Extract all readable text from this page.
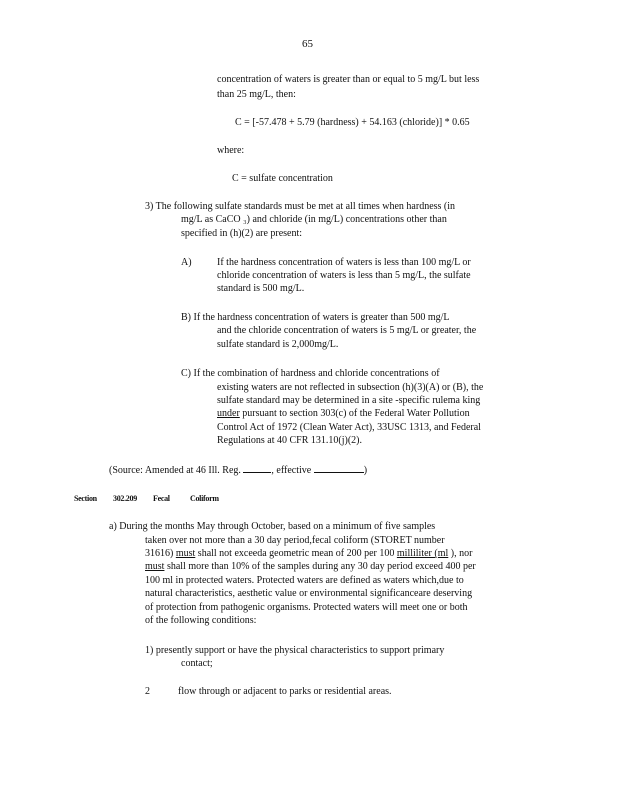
65
concentration of waters is greater than or equal to 5 mg/L but less
than 25 mg/L, then:
C = [-57.478 + 5.79 (hardness) + 54.163 (chloride)] * 0.65
where:
C = sulfate concentration
3) The following sulfate standards must be met at all times when hardness (in
mg/L as CaCO ₃) and chloride (in mg/L) concentrations other than
specified in (h)(2) are present:
A)	If the hardness concentration of waters is less than 100 mg/L or
chloride concentration of waters is less than 5 mg/L, the sulfate
standard is 500 mg/L.
B) If the hardness concentration of waters is greater than 500 mg/L
and the chloride concentration of waters is 5 mg/L or greater, the
sulfate standard is 2,000mg/L.
C) If the combination of hardness and chloride concentrations of
existing waters are not reflected in subsection (h)(3)(A) or (B), the
sulfate standard may be determined in a site -specific rulema king
under pursuant to section 303(c) of the Federal Water Pollution
Control Act of 1972 (Clean Water Act), 33USC 1313, and Federal
Regulations at 40 CFR 131.10(j)(2).
(Source: Amended at 46 Ill. Reg.	, effective	)
Section 302.209 Fecal	Coliform
a) During the months May through October, based on a minimum of five samples
taken over not more than a 30 day period,fecal coliform (STORET number
31616) must shall not exceeda geometric mean of 200 per 100 milliliter (ml ), nor
must shall more than 10% of the samples during any 30 day period exceed 400 per
100 ml in protected waters. Protected waters are defined as waters which,due to
natural characteristics, aesthetic value or environmental significanceare deserving
of protection from pathogenic organisms. Protected waters will meet one or both
of the following conditions:
1) presently support or have the physical characteristics to support primary
contact;
2	flow through or adjacent to parks or residential areas.
